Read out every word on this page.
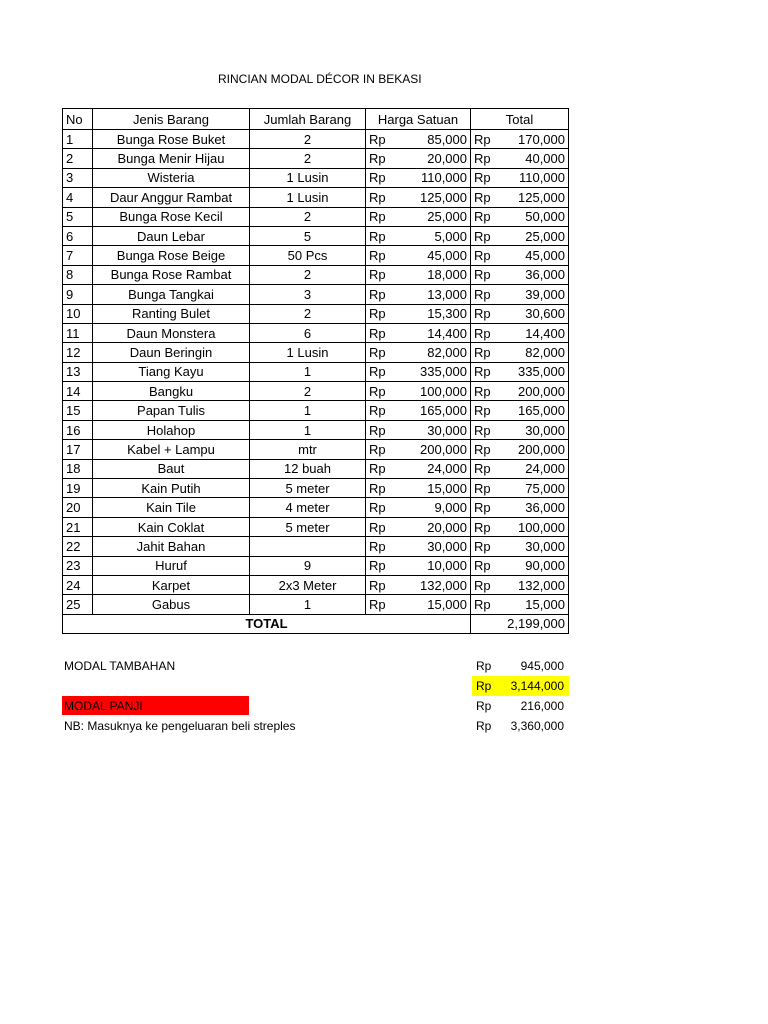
RINCIAN MODAL DÉCOR IN BEKASI
No	Jenis Barang	Jumlah Barang	Harga Satuan		Total	
1	Bunga Rose Buket	2	Rp	85,000	Rp	170,000
2	Bunga Menir Hijau	2	Rp	20,000	Rp	40,000
3	Wisteria	1 Lusin	Rp	110,000	Rp	110,000
4	Daur Anggur Rambat	1 Lusin	Rp	125,000	Rp	125,000
5	Bunga Rose Kecil	2	Rp	25,000	Rp	50,000
6	Daun Lebar	5	Rp	5,000	Rp	25,000
7	Bunga Rose Beige	50 Pcs	Rp	45,000	Rp	45,000
8	Bunga Rose Rambat	2	Rp	18,000	Rp	36,000
9	Bunga Tangkai	3	Rp	13,000	Rp	39,000
10	Ranting Bulet	2	Rp	15,300	Rp	30,600
11	Daun Monstera	6	Rp	14,400	Rp	14,400
12	Daun Beringin	1 Lusin	Rp	82,000	Rp	82,000
13	Tiang Kayu	1	Rp	335,000	Rp	335,000
14	Bangku	2	Rp	100,000	Rp	200,000
15	Papan Tulis	1	Rp	165,000	Rp	165,000
16	Holahop	1	Rp	30,000	Rp	30,000
17	Kabel + Lampu	mtr	Rp	200,000	Rp	200,000
18	Baut	12 buah	Rp	24,000	Rp	24,000
19	Kain Putih	5 meter	Rp	15,000	Rp	75,000
20	Kain Tile	4 meter	Rp	9,000	Rp	36,000
21	Kain Coklat	5 meter	Rp	20,000	Rp	100,000
22	Jahit Bahan		Rp	30,000	Rp	30,000
23	Huruf	9	Rp	10,000	Rp	90,000
24	Karpet	2x3 Meter	Rp	132,000	Rp	132,000
25	Gabus	1	Rp	15,000	Rp	15,000
TOTAL					2,199,000	
MODAL TAMBAHAN	Rp	945,000
Rp	3,144,000
MODAL PANJI	Rp	216,000
NB: Masuknya ke pengeluaran beli streples	Rp	3,360,000
